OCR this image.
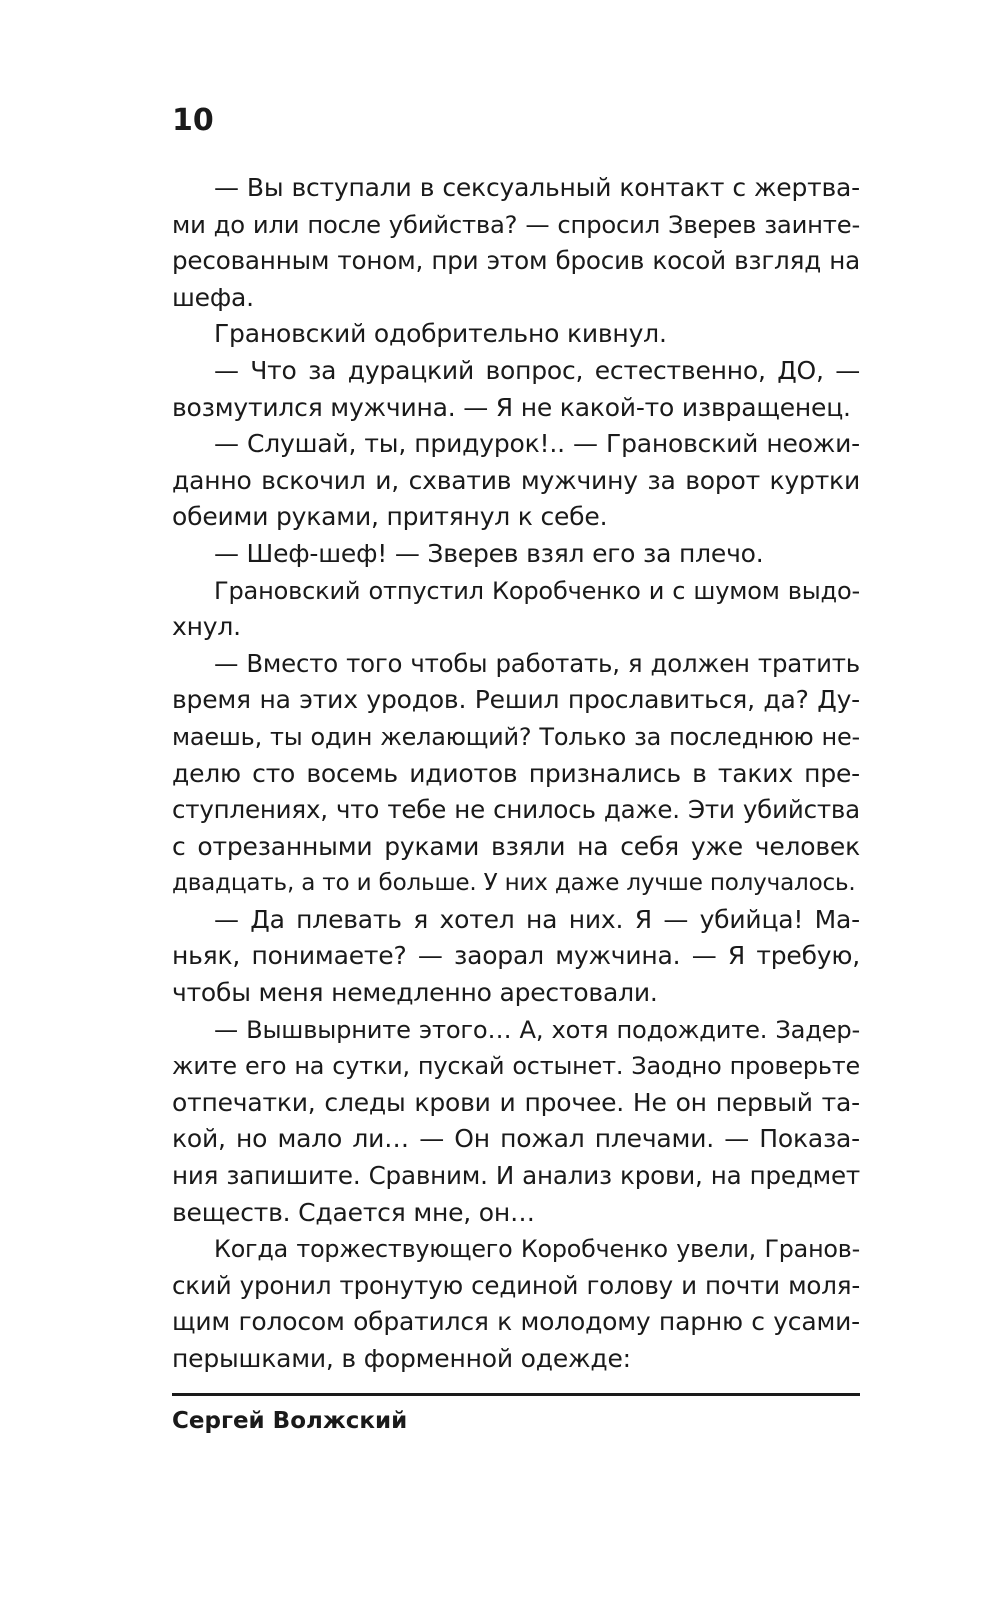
10
— Вы вступали в сексуальный контакт с жертва-
ми до или после убийства? — спросил Зверев заинте-
ресованным тоном, при этом бросив косой взгляд на
шефа.
Грановский одобрительно кивнул.
— Что за дурацкий вопрос, естественно, ДО, —
возмутился мужчина. — Я не какой-то извращенец.
— Слушай, ты, придурок!.. — Грановский неожи-
данно вскочил и, схватив мужчину за ворот куртки
обеими руками, притянул к себе.
— Шеф-шеф! — Зверев взял его за плечо.
Грановский отпустил Коробченко и с шумом выдо-
хнул.
— Вместо того чтобы работать, я должен тратить
время на этих уродов. Решил прославиться, да? Ду-
маешь, ты один желающий? Только за последнюю не-
делю сто восемь идиотов признались в таких пре-
ступлениях, что тебе не снилось даже. Эти убийства
с отрезанными руками взяли на себя уже человек
двадцать, а то и больше. У них даже лучше получалось.
— Да плевать я хотел на них. Я — убийца! Ма-
ньяк, понимаете? — заорал мужчина. — Я требую,
чтобы меня немедленно арестовали.
— Вышвырните этого… А, хотя подождите. Задер-
жите его на сутки, пускай остынет. Заодно проверьте
отпечатки, следы крови и прочее. Не он первый та-
кой, но мало ли… — Он пожал плечами. — Показа-
ния запишите. Сравним. И анализ крови, на предмет
веществ. Сдается мне, он…
Когда торжествующего Коробченко увели, Гранов-
ский уронил тронутую сединой голову и почти моля-
щим голосом обратился к молодому парню с усами-
перышками, в форменной одежде:
Сергей Волжский
